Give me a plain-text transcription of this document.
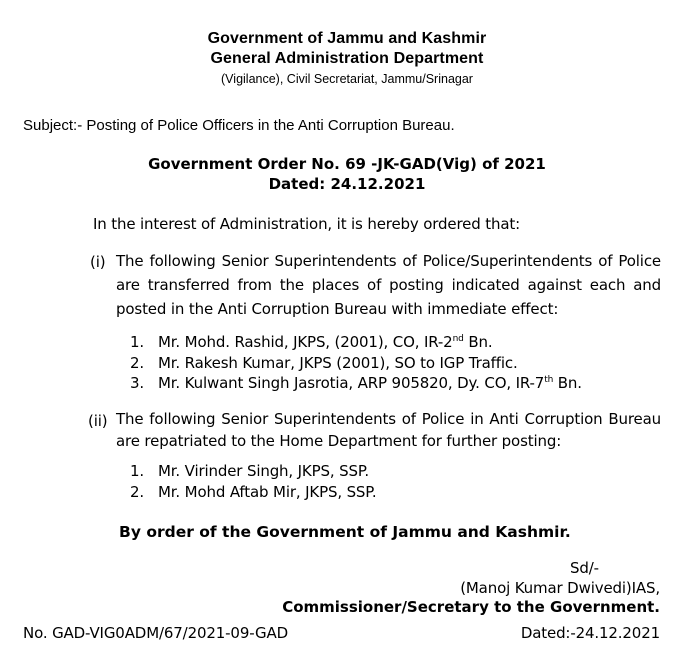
Government of Jammu and Kashmir
General Administration Department
(Vigilance), Civil Secretariat, Jammu/Srinagar
Subject:- Posting of Police Officers in the Anti Corruption Bureau.
Government Order No. 69 -JK-GAD(Vig) of 2021
Dated: 24.12.2021
In the interest of Administration, it is hereby ordered that:
(i) The following Senior Superintendents of Police/Superintendents of Police are transferred from the places of posting indicated against each and posted in the Anti Corruption Bureau with immediate effect:
1. Mr. Mohd. Rashid, JKPS, (2001), CO, IR-2nd Bn.
2. Mr. Rakesh Kumar, JKPS (2001), SO to IGP Traffic.
3. Mr. Kulwant Singh Jasrotia, ARP 905820, Dy. CO, IR-7th Bn.
(ii) The following Senior Superintendents of Police in Anti Corruption Bureau are repatriated to the Home Department for further posting:
1. Mr. Virinder Singh, JKPS, SSP.
2. Mr. Mohd Aftab Mir, JKPS, SSP.
By order of the Government of Jammu and Kashmir.
Sd/-
(Manoj Kumar Dwivedi)IAS,
Commissioner/Secretary to the Government.
No. GAD-VIG0ADM/67/2021-09-GAD	Dated:-24.12.2021
